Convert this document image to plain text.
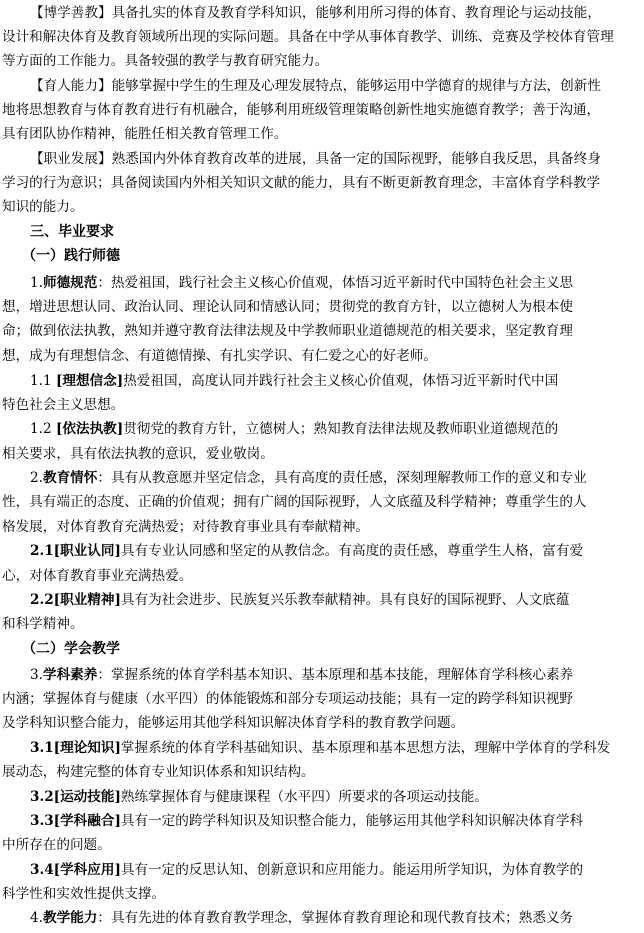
【博学善教】具备扎实的体育及教育学科知识，能够利用所习得的体育、教育理论与运动技能，
设计和解决体育及教育领域所出现的实际问题。具备在中学从事体育教学、训练、竞赛及学校体育管理
等方面的工作能力。具备较强的教学与教育研究能力。
【育人能力】能够掌握中学生的生理及心理发展特点，能够运用中学德育的规律与方法，创新性
地将思想教育与体育教育进行有机融合，能够利用班级管理策略创新性地实施德育教学；善于沟通，
具有团队协作精神，能胜任相关教育管理工作。
【职业发展】熟悉国内外体育教育改革的进展，具备一定的国际视野，能够自我反思，具备终身
学习的行为意识；具备阅读国内外相关知识文献的能力，具有不断更新教育理念，丰富体育学科教学
知识的能力。
三、毕业要求
（一）践行师德
1.师德规范：热爱祖国，践行社会主义核心价值观，体悟习近平新时代中国特色社会主义思
想，增进思想认同、政治认同、理论认同和情感认同；贯彻党的教育方针，以立德树人为根本使
命；做到依法执教，熟知并遵守教育法律法规及中学教师职业道德规范的相关要求，坚定教育理
想，成为有理想信念、有道德情操、有扎实学识、有仁爱之心的好老师。
1.1 [理想信念]热爱祖国，高度认同并践行社会主义核心价值观，体悟习近平新时代中国
特色社会主义思想。
1.2 [依法执教]贯彻党的教育方针，立德树人；熟知教育法律法规及教师职业道德规范的
相关要求，具有依法执教的意识，爱业敬岗。
2.教育情怀：具有从教意愿并坚定信念，具有高度的责任感，深刻理解教师工作的意义和专业
性，具有端正的态度、正确的价值观；拥有广阔的国际视野，人文底蕴及科学精神；尊重学生的人
格发展，对体育教育充满热爱；对待教育事业具有奉献精神。
2.1[职业认同]具有专业认同感和坚定的从教信念。有高度的责任感，尊重学生人格，富有爱
心，对体育教育事业充满热爱。
2.2[职业精神]具有为社会进步、民族复兴乐教奉献精神。具有良好的国际视野、人文底蕴
和科学精神。
（二）学会教学
3.学科素养：掌握系统的体育学科基本知识、基本原理和基本技能，理解体育学科核心素养
内涵；掌握体育与健康（水平四）的体能锻炼和部分专项运动技能；具有一定的跨学科知识视野
及学科知识整合能力，能够运用其他学科知识解决体育学科的教育教学问题。
3.1[理论知识]掌握系统的体育学科基础知识、基本原理和基本思想方法，理解中学体育的学科发
展动态，构建完整的体育专业知识体系和知识结构。
3.2[运动技能]熟练掌握体育与健康课程（水平四）所要求的各项运动技能。
3.3[学科融合]具有一定的跨学科知识及知识整合能力，能够运用其他学科知识解决体育学科
中所存在的问题。
3.4[学科应用]具有一定的反思认知、创新意识和应用能力。能运用所学知识，为体育教学的
科学性和实效性提供支撑。
4.教学能力：具有先进的体育教育教学理念，掌握体育教育理论和现代教育技术；熟悉义务
